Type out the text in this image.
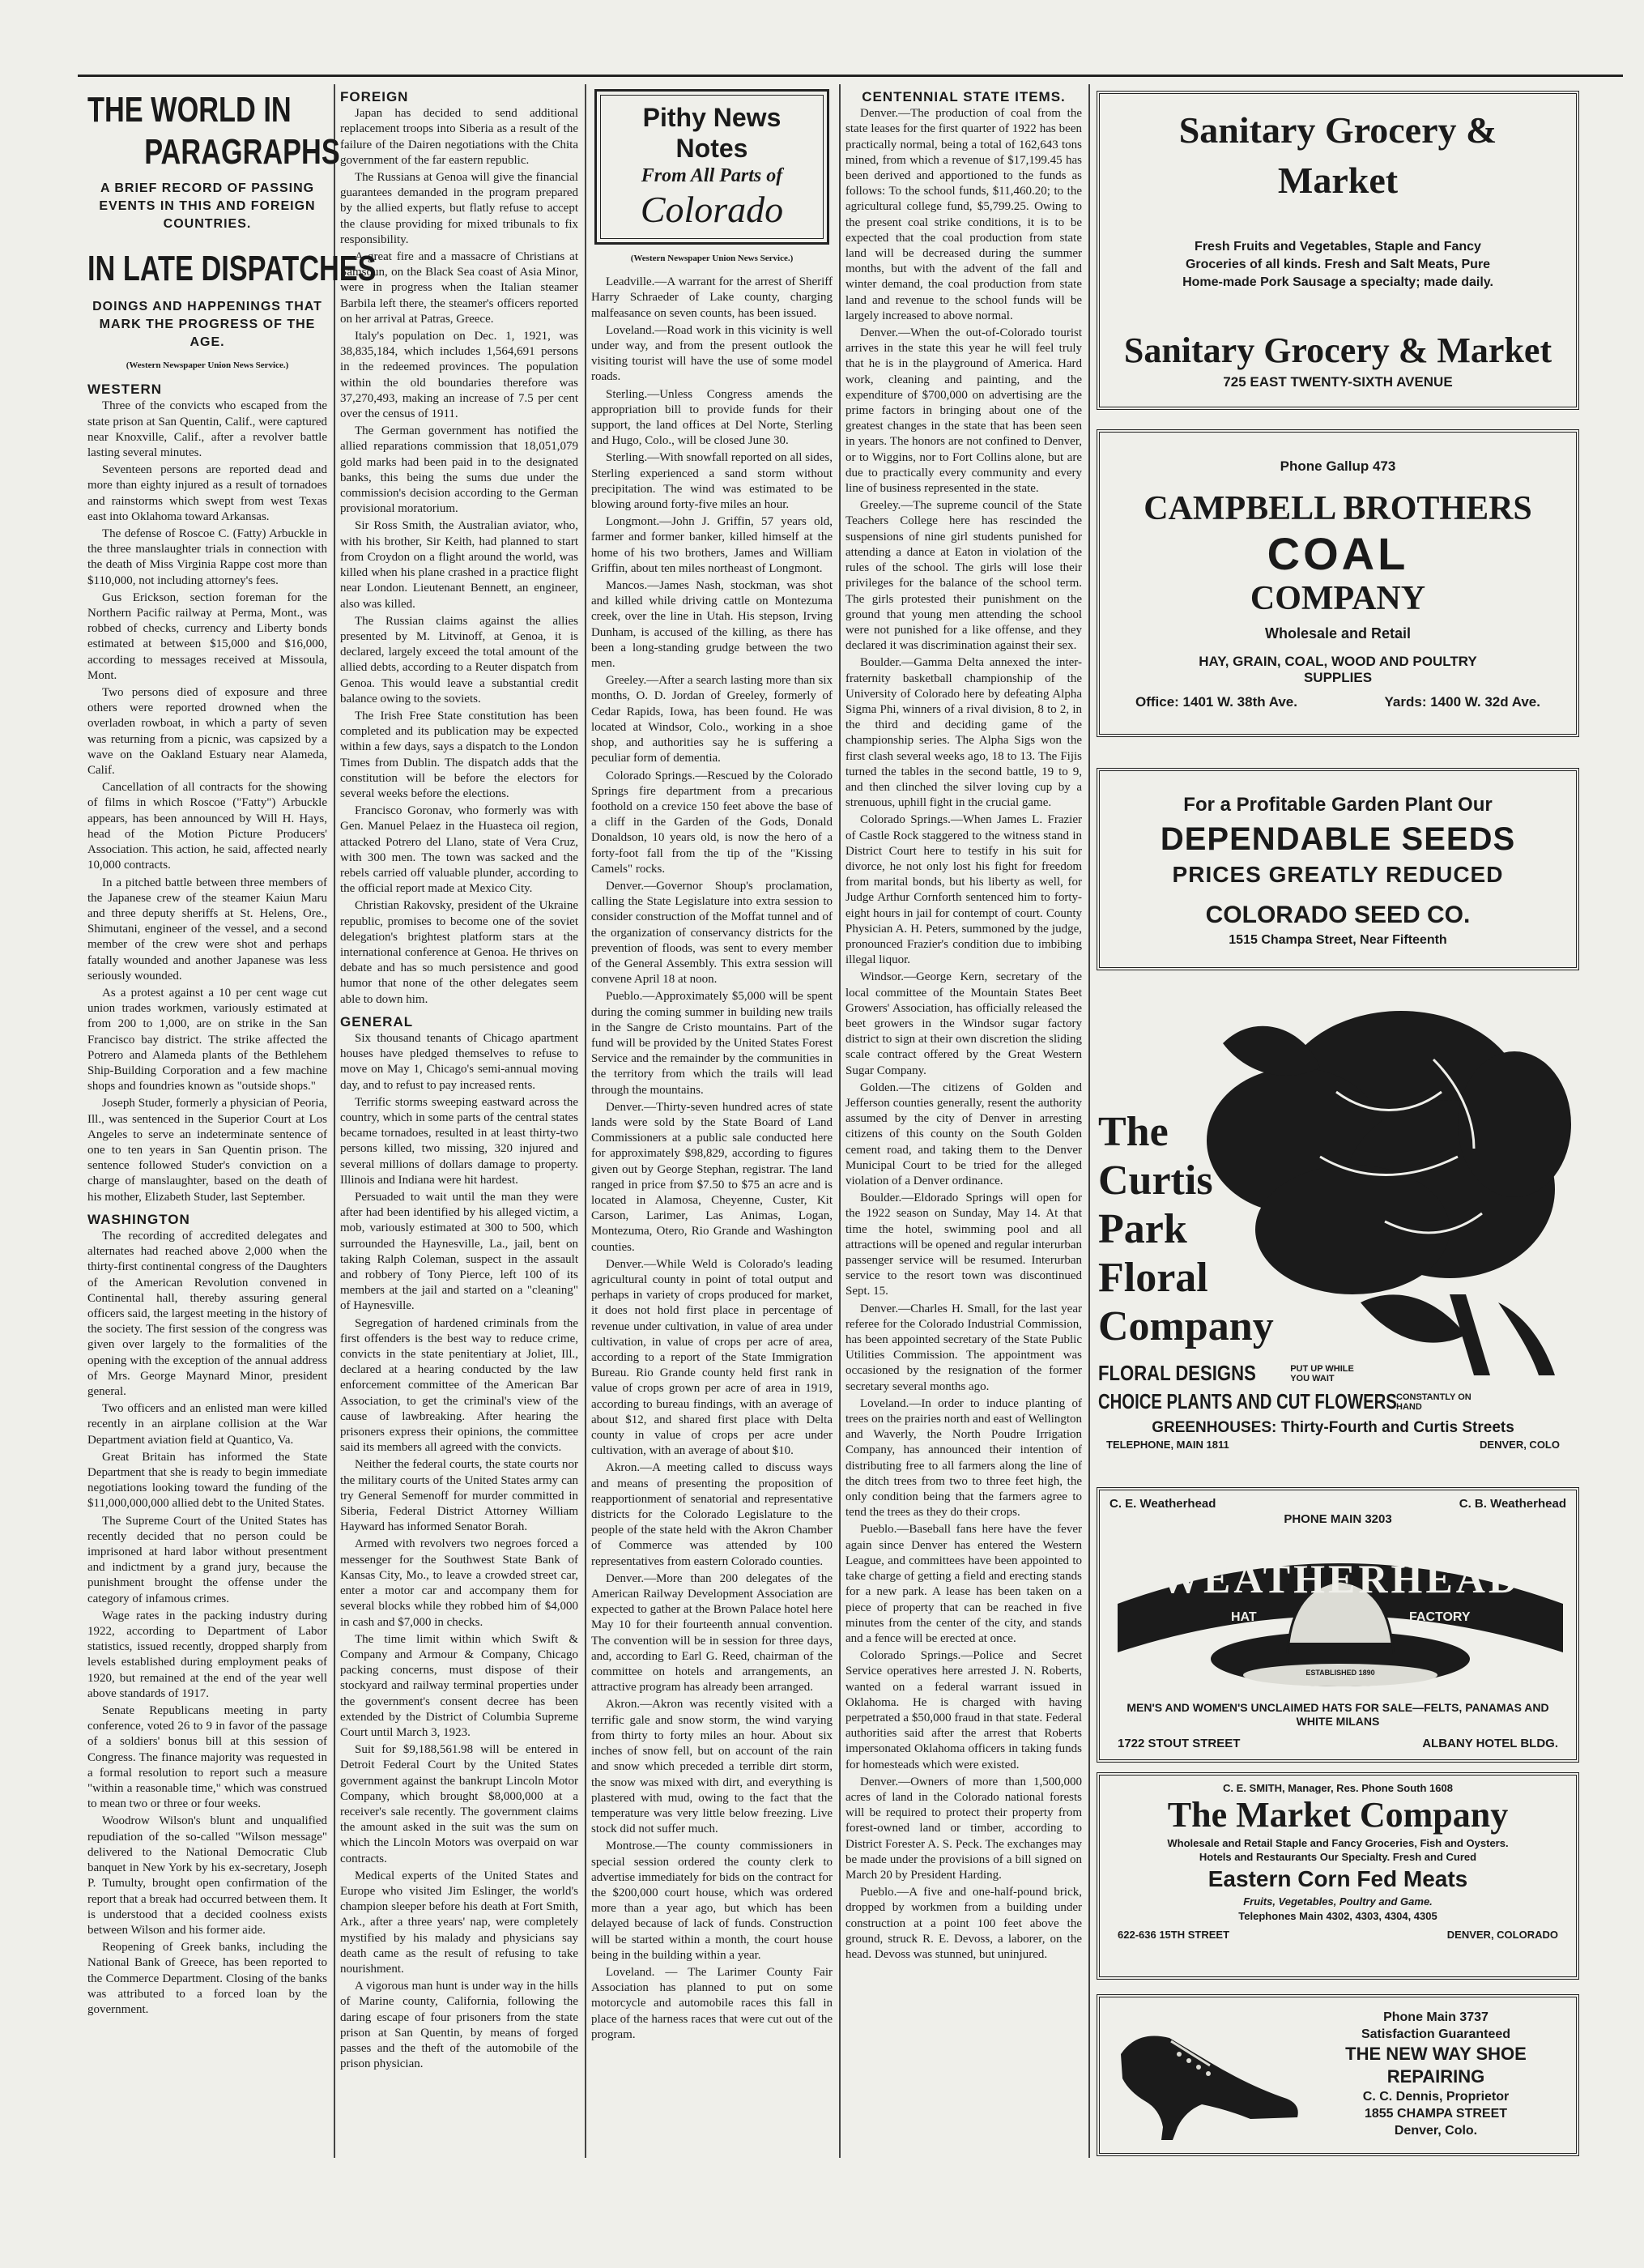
THE WORLD IN
PARAGRAPHS
A BRIEF RECORD OF PASSING EVENTS IN THIS AND FOREIGN COUNTRIES.
IN LATE DISPATCHES
DOINGS AND HAPPENINGS THAT MARK THE PROGRESS OF THE AGE.
(Western Newspaper Union News Service.)
WESTERN

Three of the convicts who escaped from the state prison at San Quentin, Calif., were captured near Knoxville, Calif., after a revolver battle lasting several minutes.

Seventeen persons are reported dead and more than eighty injured as a result of tornadoes and rainstorms which swept from west Texas east into Oklahoma toward Arkansas.

The defense of Roscoe C. (Fatty) Arbuckle in the three manslaughter trials in connection with the death of Miss Virginia Rappe cost more than $110,000, not including attorney's fees.

Gus Erickson, section foreman for the Northern Pacific railway at Perma, Mont., was robbed of checks, currency and Liberty bonds estimated at between $15,000 and $16,000, according to messages received at Missoula, Mont.

Two persons died of exposure and three others were reported drowned when the overladen rowboat, in which a party of seven was returning from a picnic, was capsized by a wave on the Oakland Estuary near Alameda, Calif.

Cancellation of all contracts for the showing of films in which Roscoe ("Fatty") Arbuckle appears, has been announced by Will H. Hays, head of the Motion Picture Producers' Association. This action, he said, affected nearly 10,000 contracts.

In a pitched battle between three members of the Japanese crew of the steamer Kaiun Maru and three deputy sheriffs at St. Helens, Ore., Shimutani, engineer of the vessel, and a second member of the crew were shot and perhaps fatally wounded and another Japanese was less seriously wounded.

As a protest against a 10 per cent wage cut union trades workmen, variously estimated at from 200 to 1,000, are on strike in the San Francisco bay district. The strike affected the Potrero and Alameda plants of the Bethlehem Ship-Building Corporation and a few machine shops and foundries known as "outside shops."

Joseph Studer, formerly a physician of Peoria, Ill., was sentenced in the Superior Court at Los Angeles to serve an indeterminate sentence of one to ten years in San Quentin prison. The sentence followed Studer's conviction on a charge of manslaughter, based on the death of his mother, Elizabeth Studer, last September.

WASHINGTON

The recording of accredited delegates and alternates had reached above 2,000 when the thirty-first continental congress of the Daughters of the American Revolution convened in Continental hall, thereby assuring general officers said, the largest meeting in the history of the society. The first session of the congress was given over largely to the formalities of the opening with the exception of the annual address of Mrs. George Maynard Minor, president general.

Two officers and an enlisted man were killed recently in an airplane collision at the War Department aviation field at Quantico, Va.

Great Britain has informed the State Department that she is ready to begin immediate negotiations looking toward the funding of the $11,000,000,000 allied debt to the United States.

The Supreme Court of the United States has recently decided that no person could be imprisoned at hard labor without presentment and indictment by a grand jury, because the punishment brought the offense under the category of infamous crimes.

Wage rates in the packing industry during 1922, according to Department of Labor statistics, issued recently, dropped sharply from levels established during employment peaks of 1920, but remained at the end of the year well above standards of 1917.

Senate Republicans meeting in party conference, voted 26 to 9 in favor of the passage of a soldiers' bonus bill at this session of Congress. The finance majority was requested in a formal resolution to report such a measure "within a reasonable time," which was construed to mean two or three or four weeks.

Woodrow Wilson's blunt and unqualified repudiation of the so-called "Wilson message" delivered to the National Democratic Club banquet in New York by his ex-secretary, Joseph P. Tumulty, brought open confirmation of the report that a break had occurred between them. It is understood that a decided coolness exists between Wilson and his former aide.

Reopening of Greek banks, including the National Bank of Greece, has been reported to the Commerce Department. Closing of the banks was attributed to a forced loan by the government.

FOREIGN

Japan has decided to send additional replacement troops into Siberia as a result of the failure of the Dairen negotiations with the Chita government of the far eastern republic.

The Russians at Genoa will give the financial guarantees demanded in the program prepared by the allied experts, but flatly refuse to accept the clause providing for mixed tribunals to fix responsibility.

A great fire and a massacre of Christians at Samsoun, on the Black Sea coast of Asia Minor, were in progress when the Italian steamer Barbila left there, the steamer's officers reported on her arrival at Patras, Greece.

Italy's population on Dec. 1, 1921, was 38,835,184, which includes 1,564,691 persons in the redeemed provinces. The population within the old boundaries therefore was 37,270,493, making an increase of 7.5 per cent over the census of 1911.

The German government has notified the allied reparations commission that 18,051,079 gold marks had been paid in to the designated banks, this being the sums due under the commission's decision according to the German provisional moratorium.

Sir Ross Smith, the Australian aviator, who, with his brother, Sir Keith, had planned to start from Croydon on a flight around the world, was killed when his plane crashed in a practice flight near London. Lieutenant Bennett, an engineer, also was killed.

The Russian claims against the allies presented by M. Litvinoff, at Genoa, it is declared, largely exceed the total amount of the allied debts, according to a Reuter dispatch from Genoa. This would leave a substantial credit balance owing to the soviets.

The Irish Free State constitution has been completed and its publication may be expected within a few days, says a dispatch to the London Times from Dublin. The dispatch adds that the constitution will be before the electors for several weeks before the elections.

Francisco Goronav, who formerly was with Gen. Manuel Pelaez in the Huasteca oil region, attacked Potrero del Llano, state of Vera Cruz, with 300 men. The town was sacked and the rebels carried off valuable plunder, according to the official report made at Mexico City.

Christian Rakovsky, president of the Ukraine republic, promises to become one of the soviet delegation's brightest platform stars at the international conference at Genoa. He thrives on debate and has so much persistence and good humor that none of the other delegates seem able to down him.

GENERAL

Six thousand tenants of Chicago apartment houses have pledged themselves to refuse to move on May 1, Chicago's semi-annual moving day, and to refust to pay increased rents.

Terrific storms sweeping eastward across the country, which in some parts of the central states became tornadoes, resulted in at least thirty-two persons killed, two missing, 320 injured and several millions of dollars damage to property. Illinois and Indiana were hit hardest.

Persuaded to wait until the man they were after had been identified by his alleged victim, a mob, variously estimated at 300 to 500, which surrounded the Haynesville, La., jail, bent on taking Ralph Coleman, suspect in the assault and robbery of Tony Pierce, left 100 of its members at the jail and started on a "cleaning" of Haynesville.

Segregation of hardened criminals from the first offenders is the best way to reduce crime, convicts in the state penitentiary at Joliet, Ill., declared at a hearing conducted by the law enforcement committee of the American Bar Association, to get the criminal's view of the cause of lawbreaking. After hearing the prisoners express their opinions, the committee said its members all agreed with the convicts.

Neither the federal courts, the state courts nor the military courts of the United States army can try General Semenoff for murder committed in Siberia, Federal District Attorney William Hayward has informed Senator Borah.

Armed with revolvers two negroes forced a messenger for the Southwest State Bank of Kansas City, Mo., to leave a crowded street car, enter a motor car and accompany them for several blocks while they robbed him of $4,000 in cash and $7,000 in checks.

The time limit within which Swift & Company and Armour & Company, Chicago packing concerns, must dispose of their stockyard and railway terminal properties under the government's consent decree has been extended by the District of Columbia Supreme Court until March 3, 1923.

Suit for $9,188,561.98 will be entered in Detroit Federal Court by the United States government against the bankrupt Lincoln Motor Company, which brought $8,000,000 at a receiver's sale recently. The government claims the amount asked in the suit was the sum on which the Lincoln Motors was overpaid on war contracts.

Medical experts of the United States and Europe who visited Jim Eslinger, the world's champion sleeper before his death at Fort Smith, Ark., after a three years' nap, were completely mystified by his malady and physicians say death came as the result of refusing to take nourishment.

A vigorous man hunt is under way in the hills of Marine county, California, following the daring escape of four prisoners from the state prison at San Quentin, by means of forged passes and the theft of the automobile of the prison physician.

Pithy News Notes
From All Parts of
Colorado
(Western Newspaper Union News Service.)

Leadville.—A warrant for the arrest of Sheriff Harry Schraeder of Lake county, charging malfeasance on seven counts, has been issued.

Loveland.—Road work in this vicinity is well under way, and from the present outlook the visiting tourist will have the use of some model roads.

Sterling.—Unless Congress amends the appropriation bill to provide funds for their support, the land offices at Del Norte, Sterling and Hugo, Colo., will be closed June 30.

Sterling.—With snowfall reported on all sides, Sterling experienced a sand storm without precipitation. The wind was estimated to be blowing around forty-five miles an hour.

Longmont.—John J. Griffin, 57 years old, farmer and former banker, killed himself at the home of his two brothers, James and William Griffin, about ten miles northeast of Longmont.

Mancos.—James Nash, stockman, was shot and killed while driving cattle on Montezuma creek, over the line in Utah. His stepson, Irving Dunham, is accused of the killing, as there has been a long-standing grudge between the two men.

Greeley.—After a search lasting more than six months, O. D. Jordan of Greeley, formerly of Cedar Rapids, Iowa, has been found. He was located at Windsor, Colo., working in a shoe shop, and authorities say he is suffering a peculiar form of dementia.

Colorado Springs.—Rescued by the Colorado Springs fire department from a precarious foothold on a crevice 150 feet above the base of a cliff in the Garden of the Gods, Donald Donaldson, 10 years old, is now the hero of a forty-foot fall from the tip of the "Kissing Camels" rocks.

Denver.—Governor Shoup's proclamation, calling the State Legislature into extra session to consider construction of the Moffat tunnel and of the organization of conservancy districts for the prevention of floods, was sent to every member of the General Assembly. This extra session will convene April 18 at noon.

Pueblo.—Approximately $5,000 will be spent during the coming summer in building new trails in the Sangre de Cristo mountains. Part of the fund will be provided by the United States Forest Service and the remainder by the communities in the territory from which the trails will lead through the mountains.

Denver.—Thirty-seven hundred acres of state lands were sold by the State Board of Land Commissioners at a public sale conducted here for approximately $98,829, according to figures given out by George Stephan, registrar. The land ranged in price from $7.50 to $75 an acre and is located in Alamosa, Cheyenne, Custer, Kit Carson, Larimer, Las Animas, Logan, Montezuma, Otero, Rio Grande and Washington counties.

Denver.—While Weld is Colorado's leading agricultural county in point of total output and perhaps in variety of crops produced for market, it does not hold first place in percentage of revenue under cultivation, in value of area under cultivation, in value of crops per acre of area, according to a report of the State Immigration Bureau. Rio Grande county held first rank in value of crops grown per acre of area in 1919, according to bureau findings, with an average of about $12, and shared first place with Delta county in value of crops per acre under cultivation, with an average of about $10.

Akron.—A meeting called to discuss ways and means of presenting the proposition of reapportionment of senatorial and representative districts for the Colorado Legislature to the people of the state held with the Akron Chamber of Commerce was attended by 100 representatives from eastern Colorado counties.

Denver.—More than 200 delegates of the American Railway Development Association are expected to gather at the Brown Palace hotel here May 10 for their fourteenth annual convention. The convention will be in session for three days, and, according to Earl G. Reed, chairman of the committee on hotels and arrangements, an attractive program has already been arranged.

Akron.—Akron was recently visited with a terrific gale and snow storm, the wind varying from thirty to forty miles an hour. About six inches of snow fell, but on account of the rain and snow which preceded a terrible dirt storm, the snow was mixed with dirt, and everything is plastered with mud, owing to the fact that the temperature was very little below freezing. Live stock did not suffer much.

Montrose.—The county commissioners in special session ordered the county clerk to advertise immediately for bids on the contract for the $200,000 court house, which was ordered more than a year ago, but which has been delayed because of lack of funds. Construction will be started within a month, the court house being in the building within a year.

Loveland. — The Larimer County Fair Association has planned to put on some motorcycle and automobile races this fall in place of the harness races that were cut out of the program.

CENTENNIAL STATE ITEMS.

Denver.—The production of coal from the state leases for the first quarter of 1922 has been practically normal, being a total of 162,643 tons mined, from which a revenue of $17,199.45 has been derived and apportioned to the funds as follows: To the school funds, $11,460.20; to the agricultural college fund, $5,799.25. Owing to the present coal strike conditions, it is to be expected that the coal production from state land will be decreased during the summer months, but with the advent of the fall and winter demand, the coal production from state land and revenue to the school funds will be largely increased to above normal.

Denver.—When the out-of-Colorado tourist arrives in the state this year he will feel truly that he is in the playground of America. Hard work, cleaning and painting, and the expenditure of $700,000 on advertising are the prime factors in bringing about one of the greatest changes in the state that has been seen in years. The honors are not confined to Denver, or to Wiggins, nor to Fort Collins alone, but are due to practically every community and every line of business represented in the state.

Greeley.—The supreme council of the State Teachers College here has rescinded the suspensions of nine girl students punished for attending a dance at Eaton in violation of the rules of the school. The girls will lose their privileges for the balance of the school term. The girls protested their punishment on the ground that young men attending the school were not punished for a like offense, and they declared it was discrimination against their sex.

Boulder.—Gamma Delta annexed the inter-fraternity basketball championship of the University of Colorado here by defeating Alpha Sigma Phi, winners of a rival division, 8 to 2, in the third and deciding game of the championship series. The Alpha Sigs won the first clash several weeks ago, 18 to 13. The Fijis turned the tables in the second battle, 19 to 9, and then clinched the silver loving cup by a strenuous, uphill fight in the crucial game.

Colorado Springs.—When James L. Frazier of Castle Rock staggered to the witness stand in District Court here to testify in his suit for divorce, he not only lost his fight for freedom from marital bonds, but his liberty as well, for Judge Arthur Cornforth sentenced him to forty-eight hours in jail for contempt of court. County Physician A. H. Peters, summoned by the judge, pronounced Frazier's condition due to imbibing illegal liquor.

Windsor.—George Kern, secretary of the local committee of the Mountain States Beet Growers' Association, has officially released the beet growers in the Windsor sugar factory district to sign at their own discretion the sliding scale contract offered by the Great Western Sugar Company.

Golden.—The citizens of Golden and Jefferson counties generally, resent the authority assumed by the city of Denver in arresting citizens of this county on the South Golden cement road, and taking them to the Denver Municipal Court to be tried for the alleged violation of a Denver ordinance.

Boulder.—Eldorado Springs will open for the 1922 season on Sunday, May 14. At that time the hotel, swimming pool and all attractions will be opened and regular interurban passenger service will be resumed. Interurban service to the resort town was discontinued Sept. 15.

Denver.—Charles H. Small, for the last year referee for the Colorado Industrial Commission, has been appointed secretary of the State Public Utilities Commission. The appointment was occasioned by the resignation of the former secretary several months ago.

Loveland.—In order to induce planting of trees on the prairies north and east of Wellington and Waverly, the North Poudre Irrigation Company, has announced their intention of distributing free to all farmers along the line of the ditch trees from two to three feet high, the only condition being that the farmers agree to tend the trees as they do their crops.

Pueblo.—Baseball fans here have the fever again since Denver has entered the Western League, and committees have been appointed to take charge of getting a field and erecting stands for a new park. A lease has been taken on a piece of property that can be reached in five minutes from the center of the city, and stands and a fence will be erected at once.

Colorado Springs.—Police and Secret Service operatives here arrested J. N. Roberts, wanted on a federal warrant issued in Oklahoma. He is charged with having perpetrated a $50,000 fraud in that state. Federal authorities said after the arrest that Roberts impersonated Oklahoma officers in taking funds for homesteads which were existed.

Denver.—Owners of more than 1,500,000 acres of land in the Colorado national forests will be required to protect their property from forest-owned land or timber, according to District Forester A. S. Peck. The exchanges may be made under the provisions of a bill signed on March 20 by President Harding.

Pueblo.—A five and one-half-pound brick, dropped by workmen from a building under construction at a point 100 feet above the ground, struck R. E. Devoss, a laborer, on the head. Devoss was stunned, but uninjured.

Sanitary Grocery & Market
Fresh Fruits and Vegetables, Staple and Fancy Groceries of all kinds. Fresh and Salt Meats, Pure Home-made Pork Sausage a specialty; made daily.
Sanitary Grocery & Market
725 EAST TWENTY-SIXTH AVENUE
Phone Gallup 473
CAMPBELL BROTHERS
COAL
COMPANY
Wholesale and Retail
HAY, GRAIN, COAL, WOOD AND POULTRY SUPPLIES
Office: 1401 W. 38th Ave.	Yards: 1400 W. 32d Ave.
For a Profitable Garden Plant Our
DEPENDABLE SEEDS
PRICES GREATLY REDUCED
COLORADO SEED CO.
1515 Champa Street, Near Fifteenth
The
Curtis
Park
Floral
Company
FLORAL DESIGNS	PUT UP WHILE YOU WAIT
CHOICE PLANTS AND CUT FLOWERS CONSTANTLY ON HAND
GREENHOUSES: Thirty-Fourth and Curtis Streets
TELEPHONE, MAIN 1811	DENVER, COLO
C. E. Weatherhead	C. B. Weatherhead
PHONE MAIN 3203
WEATHERHEAD
HAT	FACTORY
ESTABLISHED 1890
MEN'S AND WOMEN'S UNCLAIMED HATS FOR SALE—FELTS, PANAMAS AND WHITE MILANS
1722 STOUT STREET	ALBANY HOTEL BLDG.
C. E. SMITH, Manager, Res. Phone South 1608
The Market Company
Wholesale and Retail Staple and Fancy Groceries, Fish and Oysters.
Hotels and Restaurants Our Specialty. Fresh and Cured
Eastern Corn Fed Meats
Fruits, Vegetables, Poultry and Game.
Telephones Main 4302, 4303, 4304, 4305
622-636 15TH STREET	DENVER, COLORADO
Phone Main 3737
Satisfaction Guaranteed
THE NEW WAY SHOE
REPAIRING
C. C. Dennis, Proprietor
1855 CHAMPA STREET
Denver, Colo.
